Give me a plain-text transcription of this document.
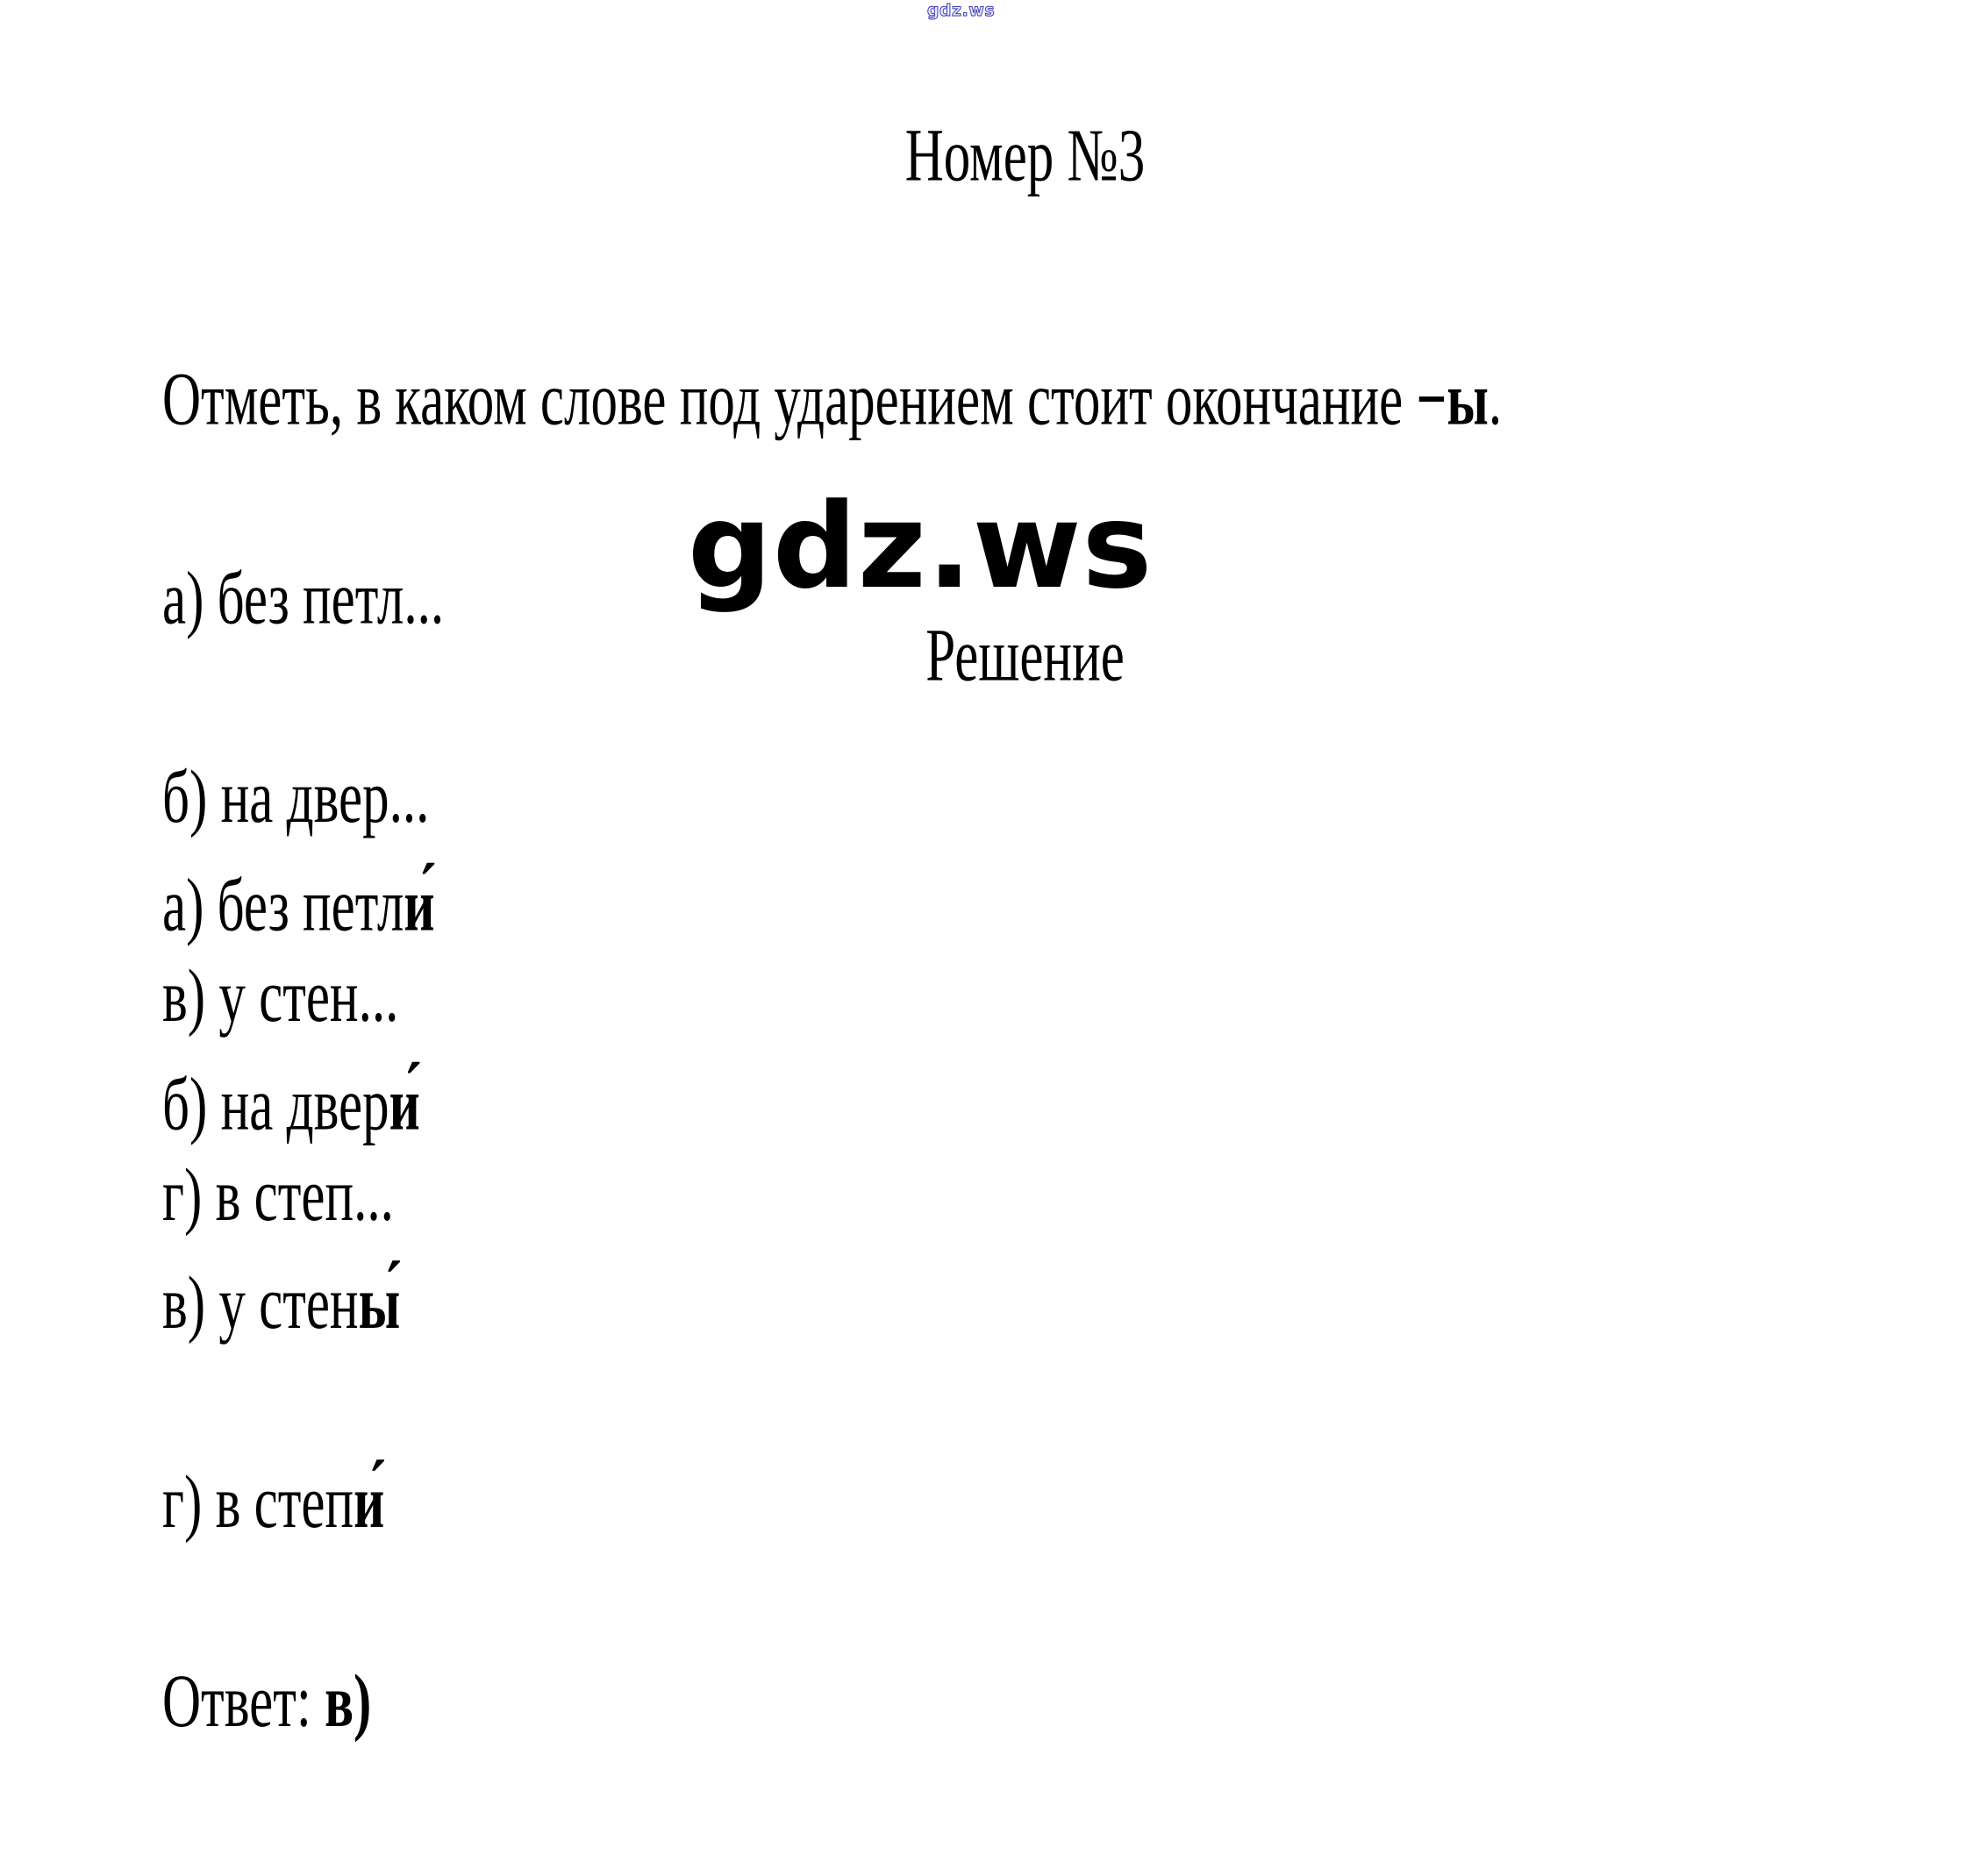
gdz.ws
Номер №3

Отметь, в каком слове под ударением стоит окончание −ы.

а) без петл...

б) на двер...

в) у стен...

г) в степ...

gdz.ws
Решение

а) без петли́

б) на двери́

в) у стены́

г) в степи́

Ответ: в)
